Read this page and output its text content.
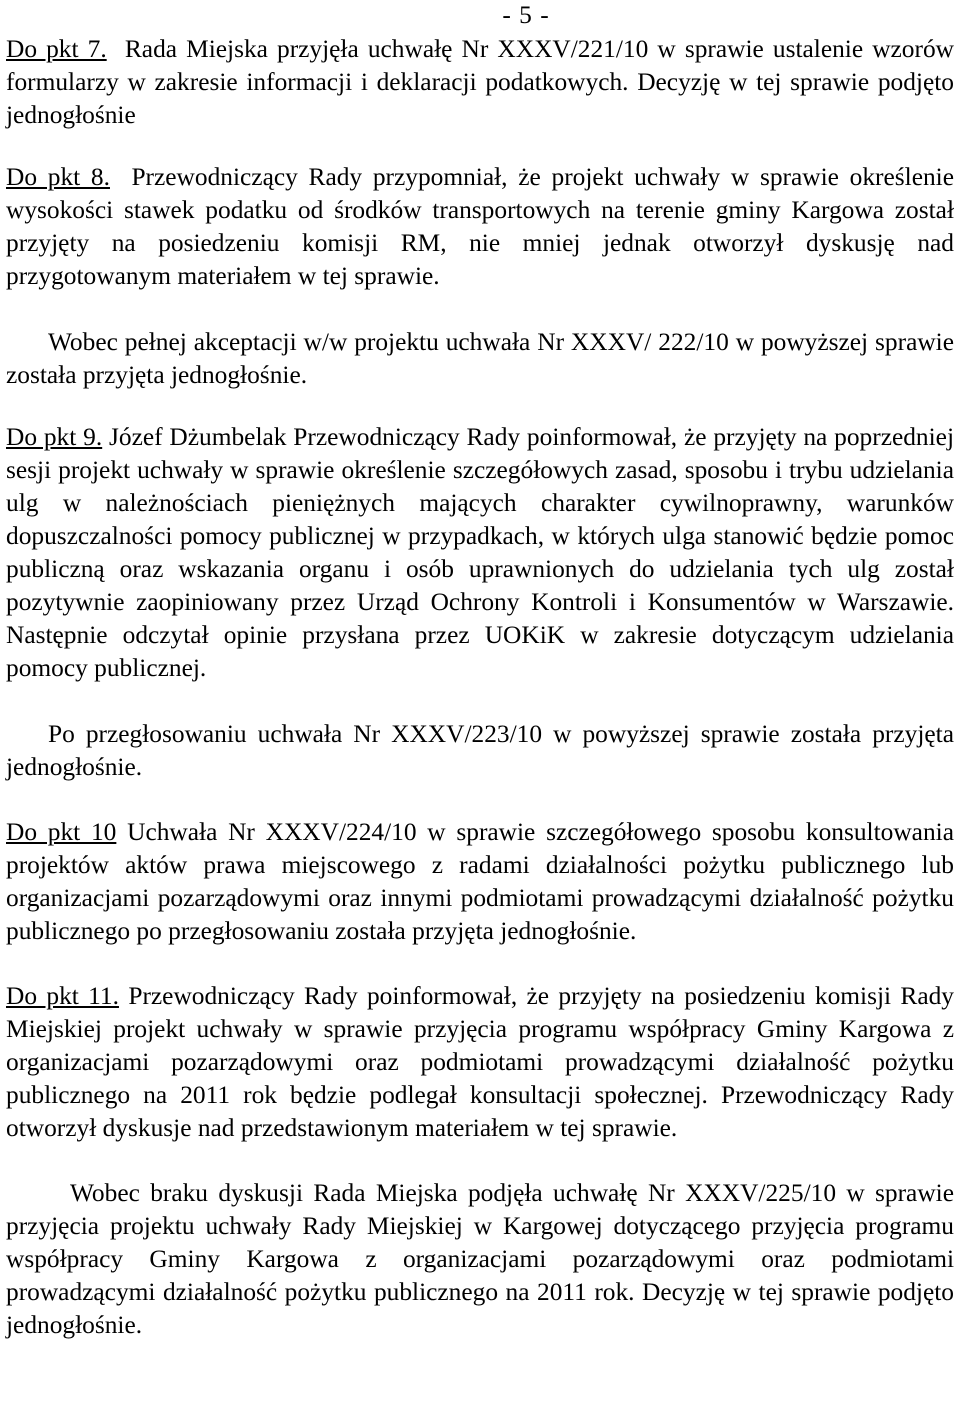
- 5 -

Do pkt 7. Rada Miejska przyjęła uchwałę Nr XXXV/221/10 w sprawie ustalenie wzorów formularzy w zakresie informacji i deklaracji podatkowych. Decyzję w tej sprawie podjęto jednogłośnie

Do pkt 8. Przewodniczący Rady przypomniał, że projekt uchwały w sprawie określenie wysokości stawek podatku od środków transportowych na terenie gminy Kargowa został przyjęty na posiedzeniu komisji RM, nie mniej jednak otworzył dyskusję nad przygotowanym materiałem w tej sprawie.

Wobec pełnej akceptacji w/w projektu uchwała Nr XXXV/ 222/10 w powyższej sprawie została przyjęta jednogłośnie.

Do pkt 9. Józef Dżumbelak Przewodniczący Rady poinformował, że przyjęty na poprzedniej sesji projekt uchwały w sprawie określenie szczegółowych zasad, sposobu i trybu udzielania ulg w należnościach pieniężnych mających charakter cywilnoprawny, warunków dopuszczalności pomocy publicznej w przypadkach, w których ulga stanowić będzie pomoc publiczną oraz wskazania organu i osób uprawnionych do udzielania tych ulg został pozytywnie zaopiniowany przez Urząd Ochrony Kontroli i Konsumentów w Warszawie. Następnie odczytał opinie przysłana przez UOKiK w zakresie dotyczącym udzielania pomocy publicznej.

Po przegłosowaniu uchwała Nr XXXV/223/10 w powyższej sprawie została przyjęta jednogłośnie.

Do pkt 10 Uchwała Nr XXXV/224/10 w sprawie szczegółowego sposobu konsultowania projektów aktów prawa miejscowego z radami działalności pożytku publicznego lub organizacjami pozarządowymi oraz innymi podmiotami prowadzącymi działalność pożytku publicznego po przegłosowaniu została przyjęta jednogłośnie.

Do pkt 11. Przewodniczący Rady poinformował, że przyjęty na posiedzeniu komisji Rady Miejskiej projekt uchwały w sprawie przyjęcia programu współpracy Gminy Kargowa z organizacjami pozarządowymi oraz podmiotami prowadzącymi działalność pożytku publicznego na 2011 rok będzie podlegał konsultacji społecznej. Przewodniczący Rady otworzył dyskusje nad przedstawionym materiałem w tej sprawie.

Wobec braku dyskusji Rada Miejska podjęła uchwałę Nr XXXV/225/10 w sprawie przyjęcia projektu uchwały Rady Miejskiej w Kargowej dotyczącego przyjęcia programu współpracy Gminy Kargowa z organizacjami pozarządowymi oraz podmiotami prowadzącymi działalność pożytku publicznego na 2011 rok. Decyzję w tej sprawie podjęto jednogłośnie.
